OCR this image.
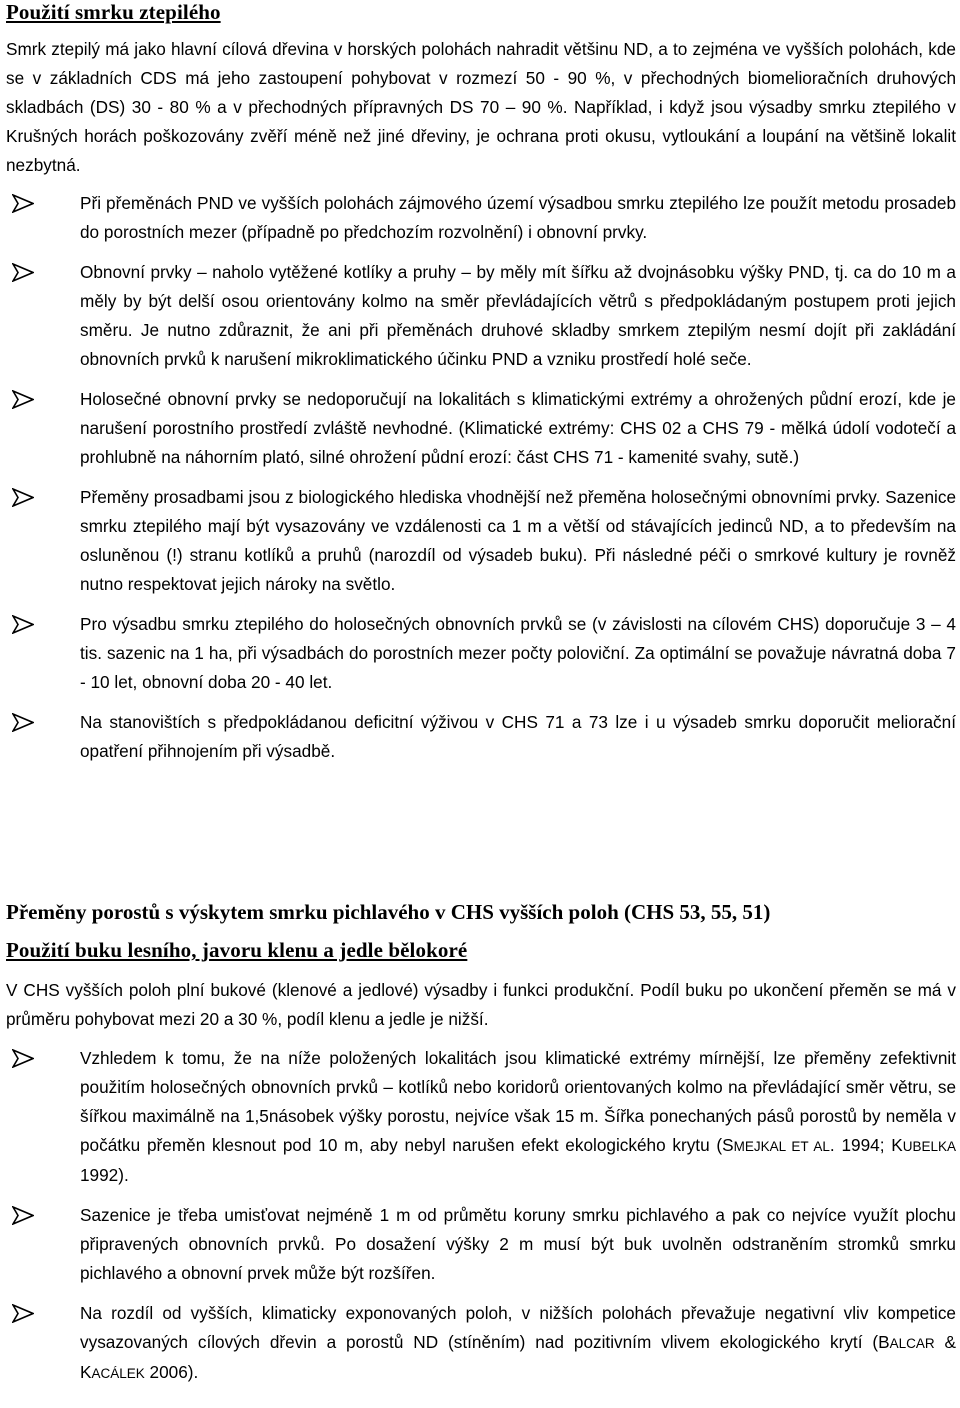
Použití smrku ztepilého
Smrk ztepilý má jako hlavní cílová dřevina v horských polohách nahradit většinu ND, a to zejména ve vyšších polohách, kde se v základních CDS má jeho zastoupení pohybovat v rozmezí 50 - 90 %, v přechodných biomelioračních druhových skladbách (DS) 30 - 80 % a v přechodných přípravných DS 70 – 90 %. Například, i když jsou výsadby smrku ztepilého v Krušných horách poškozovány zvěří méně než jiné dřeviny, je ochrana proti okusu, vytloukání a loupání na většině lokalit nezbytná.
Při přeměnách PND ve vyšších polohách zájmového území výsadbou smrku ztepilého lze použít metodu prosadeb do porostních mezer (případně po předchozím rozvolnění) i obnovní prvky.
Obnovní prvky – naholo vytěžené kotlíky a pruhy – by měly mít šířku až dvojnásobku výšky PND, tj. ca do 10 m a měly by být delší osou orientovány kolmo na směr převládajících větrů s předpokládaným postupem proti jejich směru. Je nutno zdůraznit, že ani při přeměnách druhové skladby smrkem ztepilým nesmí dojít při zakládání obnovních prvků k narušení mikroklimatického účinku PND a vzniku prostředí holé seče.
Holosečné obnovní prvky se nedoporučují na lokalitách s klimatickými extrémy a ohrožených půdní erozí, kde je narušení porostního prostředí zvláště nevhodné. (Klimatické extrémy: CHS 02 a CHS 79 - mělká údolí vodotečí a prohlubně na náhorním plató, silné ohrožení půdní erozí: část CHS 71 - kamenité svahy, sutě.)
Přeměny prosadbami jsou z biologického hlediska vhodnější než přeměna holosečnými obnovními prvky. Sazenice smrku ztepilého mají být vysazovány ve vzdálenosti ca 1 m a větší od stávajících jedinců ND, a to především na osluněnou (!) stranu kotlíků a pruhů (narozdíl od výsadeb buku). Při následné péči o smrkové kultury je rovněž nutno respektovat jejich nároky na světlo.
Pro výsadbu smrku ztepilého do holosečných obnovních prvků se (v závislosti na cílovém CHS) doporučuje 3 – 4 tis. sazenic na 1 ha, při výsadbách do porostních mezer počty poloviční. Za optimální se považuje návratná doba 7 - 10 let, obnovní doba 20 - 40 let.
Na stanovištích s předpokládanou deficitní výživou v CHS 71 a 73 lze i u výsadeb smrku doporučit meliorační opatření přihnojením při výsadbě.
Přeměny porostů s výskytem smrku pichlavého v CHS vyšších poloh (CHS 53, 55, 51)
Použití buku lesního, javoru klenu a jedle bělokoré
V CHS vyšších poloh plní bukové (klenové a jedlové) výsadby i funkci produkční. Podíl buku po ukončení přeměn se má v průměru pohybovat mezi 20 a 30 %, podíl klenu a jedle je nižší.
Vzhledem k tomu, že na níže položených lokalitách jsou klimatické extrémy mírnější, lze přeměny zefektivnit použitím holosečných obnovních prvků – kotlíků nebo koridorů orientovaných kolmo na převládající směr větru, se šířkou maximálně na 1,5násobek výšky porostu, nejvíce však 15 m. Šířka ponechaných pásů porostů by neměla v počátku přeměn klesnout pod 10 m, aby nebyl narušen efekt ekologického krytu (SMEJKAL ET AL. 1994; KUBELKA 1992).
Sazenice je třeba umisťovat nejméně 1 m od průmětu koruny smrku pichlavého a pak co nejvíce využít plochu připravených obnovních prvků. Po dosažení výšky 2 m musí být buk uvolněn odstraněním stromků smrku pichlavého a obnovní prvek může být rozšířen.
Na rozdíl od vyšších, klimaticky exponovaných poloh, v nižších polohách převažuje negativní vliv kompetice vysazovaných cílových dřevin a porostů ND (stíněním) nad pozitivním vlivem ekologického krytí (BALCAR & KACÁLEK 2006).
